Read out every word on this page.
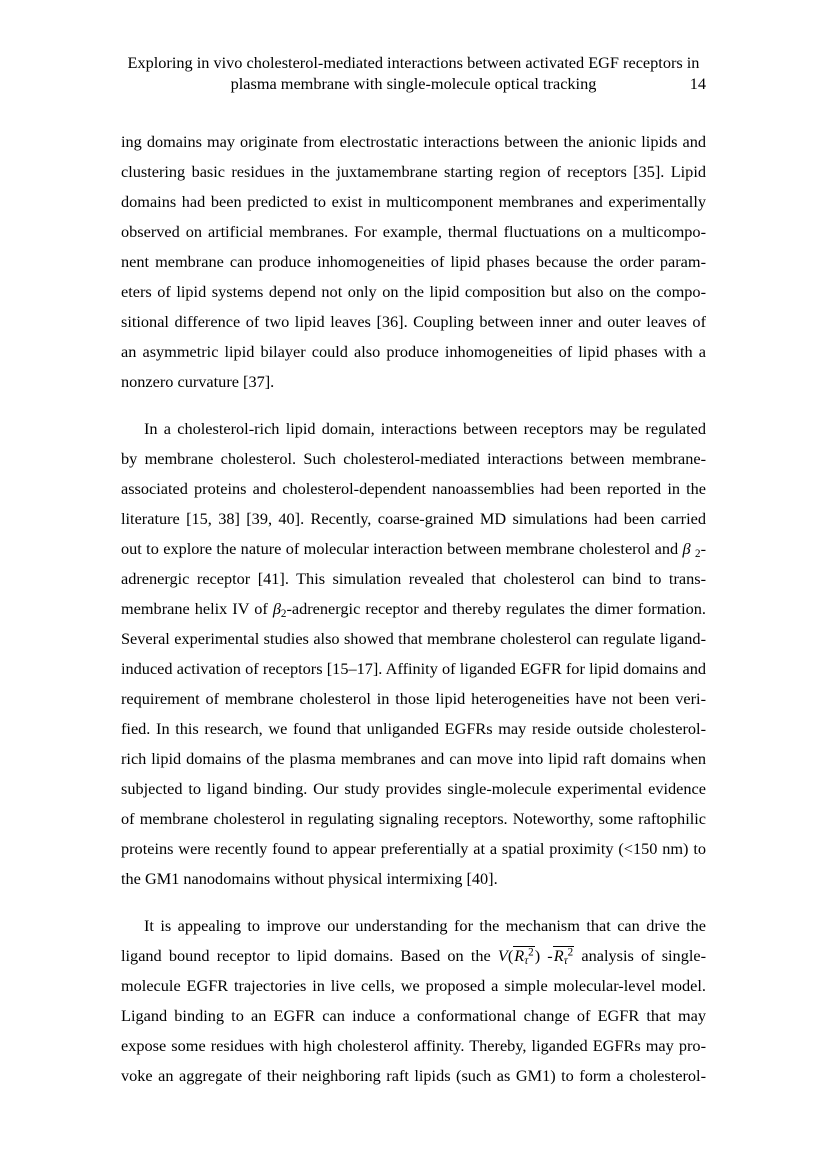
Exploring in vivo cholesterol-mediated interactions between activated EGF receptors in
plasma membrane with single-molecule optical tracking	14
ing domains may originate from electrostatic interactions between the anionic lipids and
clustering basic residues in the juxtamembrane starting region of receptors [35]. Lipid
domains had been predicted to exist in multicomponent membranes and experimentally
observed on artificial membranes. For example, thermal fluctuations on a multicompo-
nent membrane can produce inhomogeneities of lipid phases because the order param-
eters of lipid systems depend not only on the lipid composition but also on the compo-
sitional difference of two lipid leaves [36]. Coupling between inner and outer leaves of
an asymmetric lipid bilayer could also produce inhomogeneities of lipid phases with a
nonzero curvature [37].
In a cholesterol-rich lipid domain, interactions between receptors may be regulated
by membrane cholesterol. Such cholesterol-mediated interactions between membrane-
associated proteins and cholesterol-dependent nanoassemblies had been reported in the
literature [15, 38] [39, 40]. Recently, coarse-grained MD simulations had been carried
out to explore the nature of molecular interaction between membrane cholesterol and β $_2$-
adrenergic receptor [41]. This simulation revealed that cholesterol can bind to trans-
membrane helix IV of $\beta_2$-adrenergic receptor and thereby regulates the dimer formation.
Several experimental studies also showed that membrane cholesterol can regulate ligand-
induced activation of receptors [15–17]. Affinity of liganded EGFR for lipid domains and
requirement of membrane cholesterol in those lipid heterogeneities have not been veri-
fied. In this research, we found that unliganded EGFRs may reside outside cholesterol-
rich lipid domains of the plasma membranes and can move into lipid raft domains when
subjected to ligand binding. Our study provides single-molecule experimental evidence
of membrane cholesterol in regulating signaling receptors. Noteworthy, some raftophilic
proteins were recently found to appear preferentially at a spatial proximity (<150 nm) to
the GM1 nanodomains without physical intermixing [40].
It is appealing to improve our understanding for the mechanism that can drive the
ligand bound receptor to lipid domains. Based on the $V(R_\tau^2)$ $-R_\tau^2$ analysis of single-
molecule EGFR trajectories in live cells, we proposed a simple molecular-level model.
Ligand binding to an EGFR can induce a conformational change of EGFR that may
expose some residues with high cholesterol affinity. Thereby, liganded EGFRs may pro-
voke an aggregate of their neighboring raft lipids (such as GM1) to form a cholesterol-
